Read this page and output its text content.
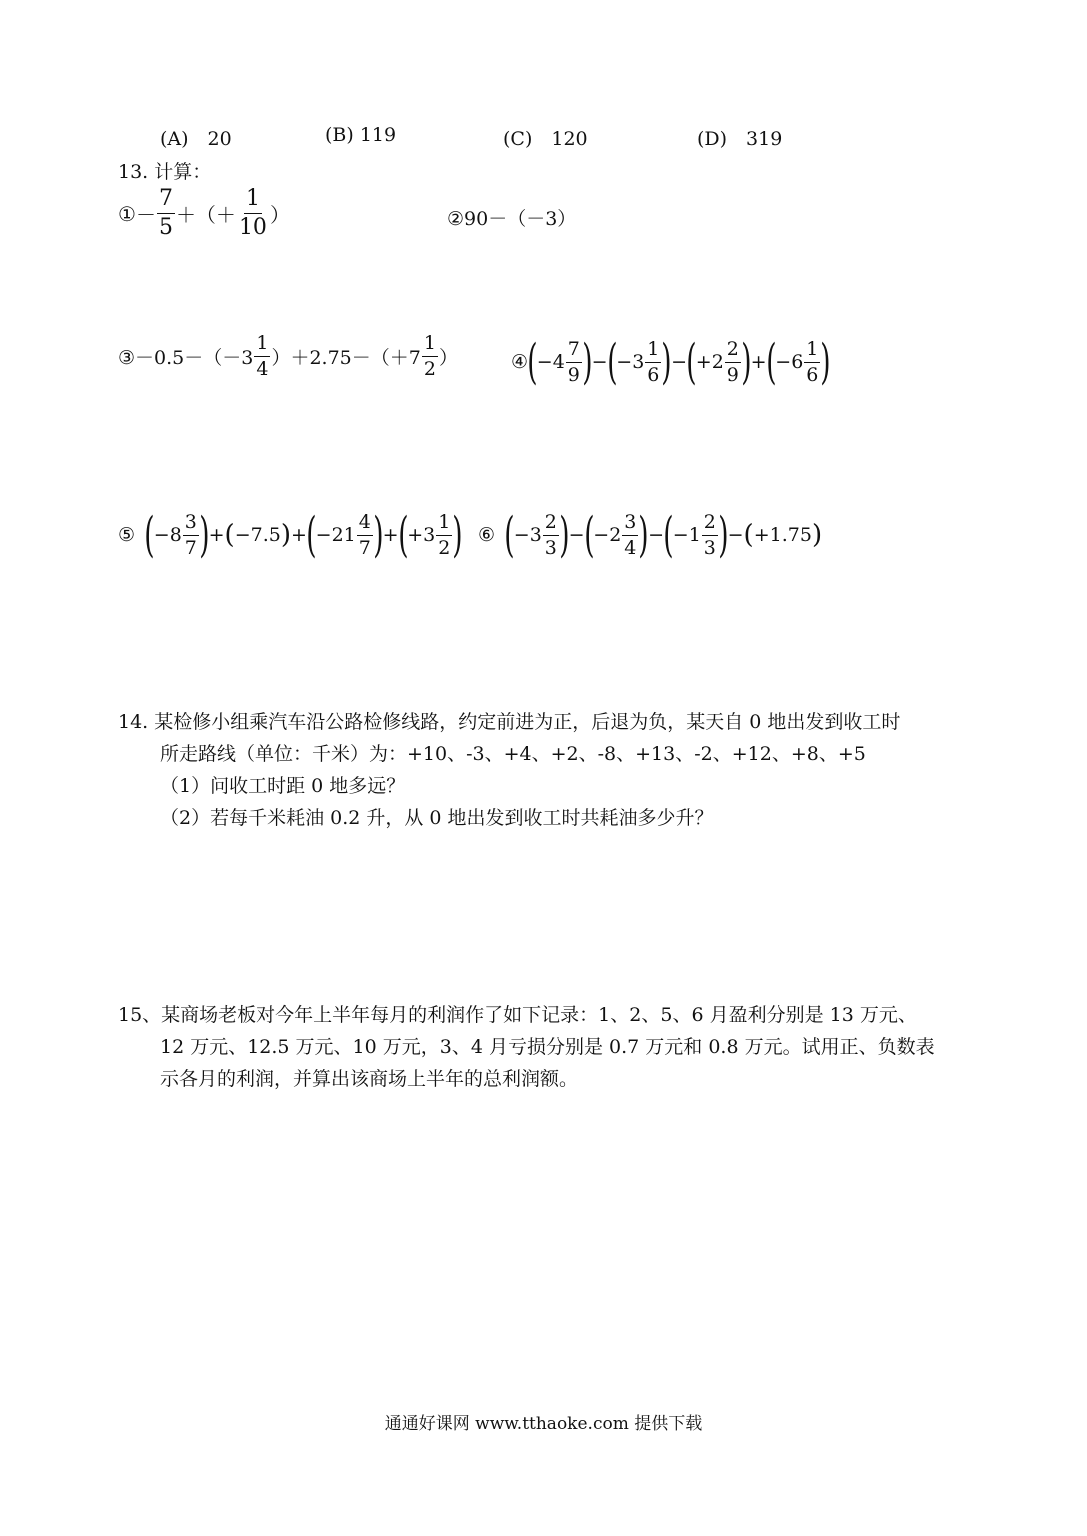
(A)　20	(B) 119	(C)　120	(D)　319
13. 计算：
① － $\frac{7}{5}$ ＋（＋ $\frac{1}{10}$ ）	②90－（－3）
③－0.5－（－3 $\frac{1}{4} )+2.75-(+7 \frac{1}{2}$ ）	④ ( $-4 \frac{7}{9}$ ) − ( $-3 \frac{1}{6}$ ) − ( $+2 \frac{2}{9}$ ) + ( $-6 \frac{1}{6}$ )
⑤ ( $-8 \frac{3}{7}$ ) + ( −7.5 ) + ( $-21 \frac{4}{7}$ ) + ( $+3 \frac{1}{2}$ ) ⑥ ( $-3 \frac{2}{3}$ ) − ( $-2 \frac{3}{4}$ ) − ( $-1 \frac{2}{3}$ ) − ( +1.75 )
14. 某检修小组乘汽车沿公路检修线路，约定前进为正，后退为负，某天自 0 地出发到收工时
所走路线（单位：千米）为：+10、-3、+4、+2、-8、+13、-2、+12、+8、+5
（1）问收工时距 0 地多远？
（2）若每千米耗油 0.2 升，从 0 地出发到收工时共耗油多少升？
15、某商场老板对今年上半年每月的利润作了如下记录：1、2、5、6 月盈利分别是 13 万元、
12 万元、12.5 万元、10 万元，3、4 月亏损分别是 0.7 万元和 0.8 万元。试用正、负数表
示各月的利润，并算出该商场上半年的总利润额。
通通好课网 www.tthaoke.com 提供下载
